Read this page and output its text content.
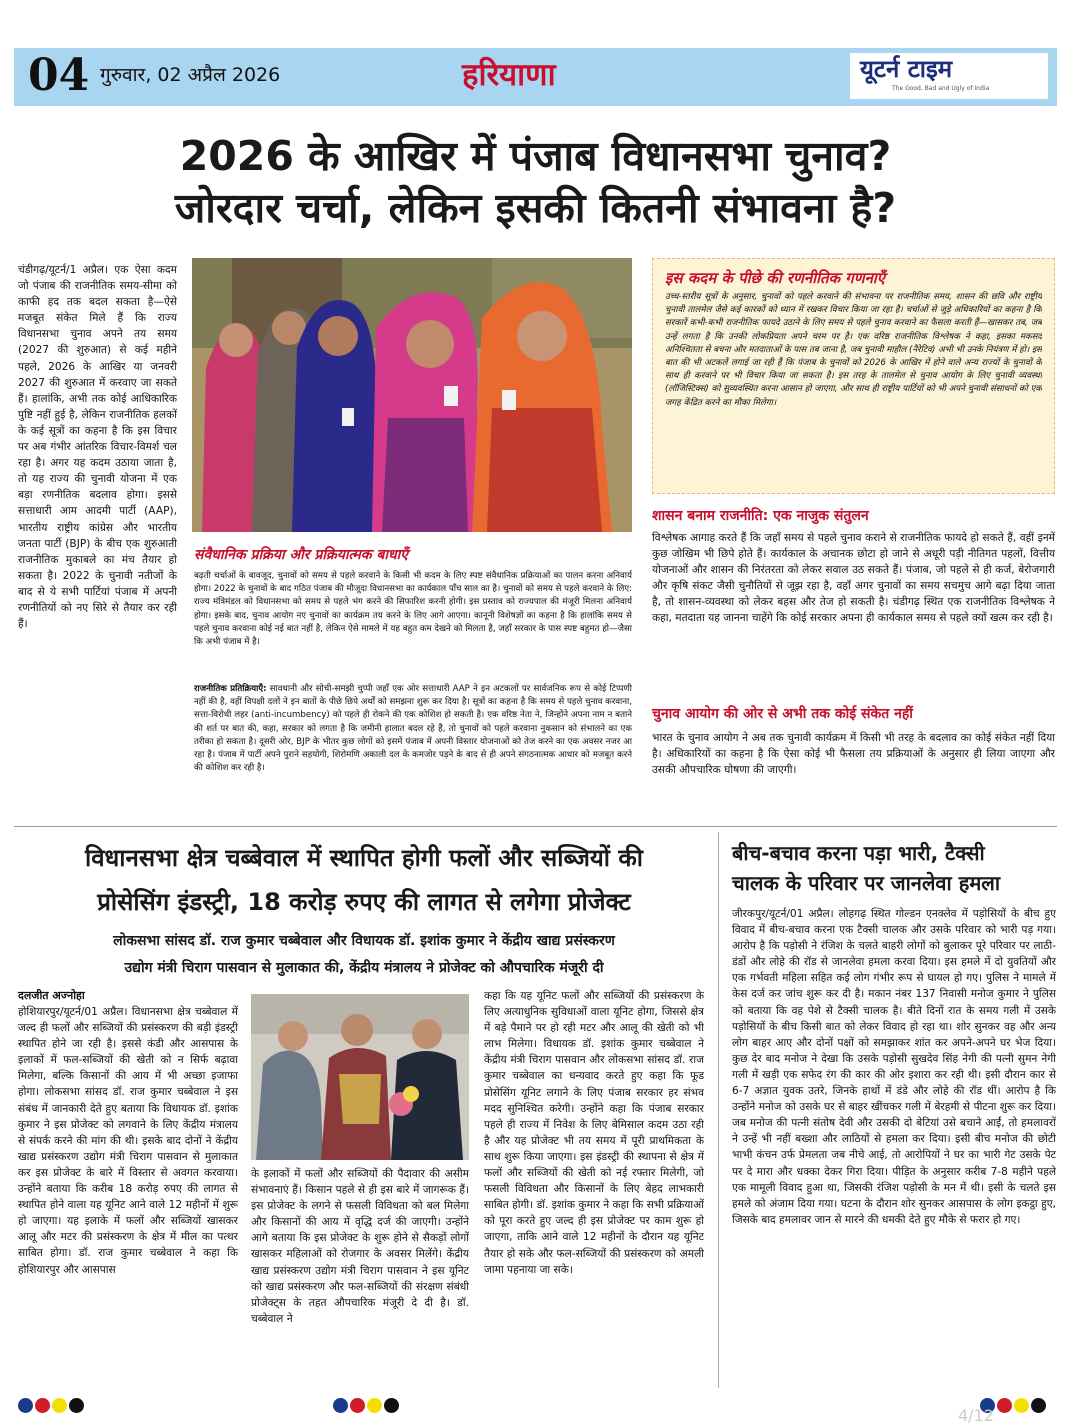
04 गुरुवार, 02 अप्रैल 2026	हरियाणा	यूटर्न टाइम
The Good, Bad and Ugly of India
2026 के आखिर में पंजाब विधानसभा चुनाव?
जोरदार चर्चा, लेकिन इसकी कितनी संभावना है?
चंडीगढ़/यूटर्न/1 अप्रैल। एक ऐसा कदम जो पंजाब की राजनीतिक समय-सीमा को काफी हद तक बदल सकता है—ऐसे मजबूत संकेत मिले हैं कि राज्य विधानसभा चुनाव अपने तय समय (2027 की शुरुआत) से कई महीने पहले, 2026 के आखिर या जनवरी 2027 की शुरुआत में करवाए जा सकते हैं। हालांकि, अभी तक कोई आधिकारिक पुष्टि नहीं हुई है, लेकिन राजनीतिक हलकों के कई सूत्रों का कहना है कि इस विचार पर अब गंभीर आंतरिक विचार-विमर्श चल रहा है। अगर यह कदम उठाया जाता है, तो यह राज्य की चुनावी योजना में एक बड़ा रणनीतिक बदलाव होगा। इससे सत्ताधारी आम आदमी पार्टी (AAP), भारतीय राष्ट्रीय कांग्रेस और भारतीय जनता पार्टी (BJP) के बीच एक शुरुआती राजनीतिक मुकाबले का मंच तैयार हो सकता है। 2022 के चुनावी नतीजों के बाद से ये सभी पार्टियां पंजाब में अपनी रणनीतियों को नए सिरे से तैयार कर रही हैं।
इस कदम के पीछे की रणनीतिक गणनाएँ
उच्च-स्तरीय सूत्रों के अनुसार, चुनावों को पहले करवाने की संभावना पर राजनीतिक समय, शासन की छवि और राष्ट्रीय चुनावी तालमेल जैसे कई कारकों को ध्यान में रखकर विचार किया जा रहा है। चर्चाओं से जुड़े अधिकारियों का कहना है कि सरकारें कभी-कभी राजनीतिक फायदे उठाने के लिए समय से पहले चुनाव करवाने का फैसला करती हैं—खासकर तब, जब उन्हें लगता है कि उनकी लोकप्रियता अपने चरम पर है। एक वरिष्ठ राजनीतिक विश्लेषक ने कहा, इसका मकसद अनिश्चितता से बचना और मतदाताओं के पास तब जाना है, जब चुनावी माहौल (नैरेटिव) अभी भी उनके नियंत्रण में हो। इस बात की भी अटकलें लगाई जा रही हैं कि पंजाब के चुनावों को 2026 के आखिर में होने वाले अन्य राज्यों के चुनावों के साथ ही करवाने पर भी विचार किया जा सकता है। इस तरह के तालमेल से चुनाव आयोग के लिए चुनावी व्यवस्था (लॉजिस्टिक्स) को सुव्यवस्थित करना आसान हो जाएगा, और साथ ही राष्ट्रीय पार्टियों को भी अपने चुनावी संसाधनों को एक जगह केंद्रित करने का मौका मिलेगा।
संवैधानिक प्रक्रिया और प्रक्रियात्मक बाधाएँ
बढ़ती चर्चाओं के बावजूद, चुनावों को समय से पहले करवाने के किसी भी कदम के लिए स्पष्ट संवैधानिक प्रक्रियाओं का पालन करना अनिवार्य होगा। 2022 के चुनावों के बाद गठित पंजाब की मौजूदा विधानसभा का कार्यकाल पाँच साल का है। चुनावों को समय से पहले करवाने के लिए: राज्य मंत्रिमंडल को विधानसभा को समय से पहले भंग करने की सिफारिश करनी होगी। इस प्रस्ताव को राज्यपाल की मंजूरी मिलना अनिवार्य होगा। इसके बाद, चुनाव आयोग नए चुनावों का कार्यक्रम तय करने के लिए आगे आएगा। कानूनी विशेषज्ञों का कहना है कि हालांकि समय से पहले चुनाव करवाना कोई नई बात नहीं है, लेकिन ऐसे मामले में यह बहुत कम देखने को मिलता है, जहाँ सरकार के पास स्पष्ट बहुमत हो—जैसा कि अभी पंजाब में है।
राजनीतिक प्रतिक्रियाएँ: सावधानी और सोची-समझी चुप्पी जहाँ एक ओर सत्ताधारी AAP ने इन अटकलों पर सार्वजनिक रूप से कोई टिप्पणी नहीं की है, वहीं विपक्षी दलों ने इन बातों के पीछे छिपे अर्थों को समझना शुरू कर दिया है। सूत्रों का कहना है कि समय से पहले चुनाव करवाना, सत्ता-विरोधी लहर (anti-incumbency) को पहले ही रोकने की एक कोशिश हो सकती है। एक वरिष्ठ नेता ने, जिन्होंने अपना नाम न बताने की शर्त पर बात की, कहा, सरकार को लगता है कि जमीनी हालात बदल रहे हैं, तो चुनावों को पहले करवाना नुकसान को संभालने का एक तरीका हो सकता है। दूसरी ओर, BJP के भीतर कुछ लोगों को इसमें पंजाब में अपनी विस्तार योजनाओं को तेज करने का एक अवसर नजर आ रहा है। पंजाब में पार्टी अपने पुराने सहयोगी, शिरोमणि अकाली दल के कमजोर पड़ने के बाद से ही अपने संगठनात्मक आधार को मजबूत करने की कोशिश कर रही है।
शासन बनाम राजनीति: एक नाजुक संतुलन
विश्लेषक आगाह करते हैं कि जहाँ समय से पहले चुनाव कराने से राजनीतिक फायदे हो सकते हैं, वहीं इनमें कुछ जोखिम भी छिपे होते हैं। कार्यकाल के अचानक छोटा हो जाने से अधूरी पड़ी नीतिगत पहलों, वित्तीय योजनाओं और शासन की निरंतरता को लेकर सवाल उठ सकते हैं। पंजाब, जो पहले से ही कर्ज, बेरोजगारी और कृषि संकट जैसी चुनौतियों से जूझ रहा है, वहाँ अगर चुनावों का समय सचमुच आगे बढ़ा दिया जाता है, तो शासन-व्यवस्था को लेकर बहस और तेज हो सकती है। चंडीगढ़ स्थित एक राजनीतिक विश्लेषक ने कहा, मतदाता यह जानना चाहेंगे कि कोई सरकार अपना ही कार्यकाल समय से पहले क्यों खत्म कर रही है।
चुनाव आयोग की ओर से अभी तक कोई संकेत नहीं
भारत के चुनाव आयोग ने अब तक चुनावी कार्यक्रम में किसी भी तरह के बदलाव का कोई संकेत नहीं दिया है। अधिकारियों का कहना है कि ऐसा कोई भी फैसला तय प्रक्रियाओं के अनुसार ही लिया जाएगा और उसकी औपचारिक घोषणा की जाएगी।
विधानसभा क्षेत्र चब्बेवाल में स्थापित होगी फलों और सब्जियों की
प्रोसेसिंग इंडस्ट्री, 18 करोड़ रुपए की लागत से लगेगा प्रोजेक्ट
लोकसभा सांसद डॉ. राज कुमार चब्बेवाल और विधायक डॉ. इशांक कुमार ने केंद्रीय खाद्य प्रसंस्करण
उद्योग मंत्री चिराग पासवान से मुलाकात की, केंद्रीय मंत्रालय ने प्रोजेक्ट को औपचारिक मंजूरी दी
दलजीत अज्नोहा
होशियारपुर/यूटर्न/01 अप्रैल। विधानसभा क्षेत्र चब्बेवाल में जल्द ही फलों और सब्जियों की प्रसंस्करण की बड़ी इंडस्ट्री स्थापित होने जा रही है। इससे कंडी और आसपास के इलाकों में फल-सब्जियों की खेती को न सिर्फ बढ़ावा मिलेगा, बल्कि किसानों की आय में भी अच्छा इजाफा होगा। लोकसभा सांसद डॉ. राज कुमार चब्बेवाल ने इस संबंध में जानकारी देते हुए बताया कि विधायक डॉ. इशांक कुमार ने इस प्रोजेक्ट को लगवाने के लिए केंद्रीय मंत्रालय से संपर्क करने की मांग की थी। इसके बाद दोनों ने केंद्रीय खाद्य प्रसंस्करण उद्योग मंत्री चिराग पासवान से मुलाकात कर इस प्रोजेक्ट के बारे में विस्तार से अवगत करवाया। उन्होंने बताया कि करीब 18 करोड़ रुपए की लागत से स्थापित होने वाला यह यूनिट आने वाले 12 महीनों में शुरू हो जाएगा। यह इलाके में फलों और सब्जियों खासकर आलू और मटर की प्रसंस्करण के क्षेत्र में मील का पत्थर साबित होगा। डॉ. राज कुमार चब्बेवाल ने कहा कि होशियारपुर और आसपास
के इलाकों में फलों और सब्जियों की पैदावार की असीम संभावनाएं हैं। किसान पहले से ही इस बारे में जागरूक हैं। इस प्रोजेक्ट के लगने से फसली विविधता को बल मिलेगा और किसानों की आय में वृद्धि दर्ज की जाएगी। उन्होंने आगे बताया कि इस प्रोजेक्ट के शुरू होने से सैकड़ों लोगों खासकर महिलाओं को रोजगार के अवसर मिलेंगे। केंद्रीय खाद्य प्रसंस्करण उद्योग मंत्री चिराग पासवान ने इस यूनिट को खाद्य प्रसंस्करण और फल-सब्जियों की संरक्षण संबंधी प्रोजेक्ट्स के तहत औपचारिक मंजूरी दे दी है। डॉ. चब्बेवाल ने
कहा कि यह यूनिट फलों और सब्जियों की प्रसंस्करण के लिए अत्याधुनिक सुविधाओं वाला यूनिट होगा, जिससे क्षेत्र में बड़े पैमाने पर हो रही मटर और आलू की खेती को भी लाभ मिलेगा। विधायक डॉ. इशांक कुमार चब्बेवाल ने केंद्रीय मंत्री चिराग पासवान और लोकसभा सांसद डॉ. राज कुमार चब्बेवाल का धन्यवाद करते हुए कहा कि फूड प्रोसेसिंग यूनिट लगाने के लिए पंजाब सरकार हर संभव मदद सुनिश्चित करेगी। उन्होंने कहा कि पंजाब सरकार पहले ही राज्य में निवेश के लिए बेमिसाल कदम उठा रही है और यह प्रोजेक्ट भी तय समय में पूरी प्राथमिकता के साथ शुरू किया जाएगा। इस इंडस्ट्री की स्थापना से क्षेत्र में फलों और सब्जियों की खेती को नई रफ्तार मिलेगी, जो फसली विविधता और किसानों के लिए बेहद लाभकारी साबित होगी। डॉ. इशांक कुमार ने कहा कि सभी प्रक्रियाओं को पूरा करते हुए जल्द ही इस प्रोजेक्ट पर काम शुरू हो जाएगा, ताकि आने वाले 12 महीनों के दौरान यह यूनिट तैयार हो सके और फल-सब्जियों की प्रसंस्करण को अमली जामा पहनाया जा सके।
बीच-बचाव करना पड़ा भारी, टैक्सी
चालक के परिवार पर जानलेवा हमला
जीरकपुर/यूटर्न/01 अप्रैल। लोहगढ़ स्थित गोल्डन एनक्लेव में पड़ोसियों के बीच हुए विवाद में बीच-बचाव करना एक टैक्सी चालक और उसके परिवार को भारी पड़ गया। आरोप है कि पड़ोसी ने रंजिश के चलते बाहरी लोगों को बुलाकर पूरे परिवार पर लाठी-डंडों और लोहे की रॉड से जानलेवा हमला करवा दिया। इस हमले में दो युवतियों और एक गर्भवती महिला सहित कई लोग गंभीर रूप से घायल हो गए। पुलिस ने मामले में केस दर्ज कर जांच शुरू कर दी है। मकान नंबर 137 निवासी मनोज कुमार ने पुलिस को बताया कि वह पेशे से टैक्सी चालक है। बीते दिनों रात के समय गली में उसके पड़ोसियों के बीच किसी बात को लेकर विवाद हो रहा था। शोर सुनकर वह और अन्य लोग बाहर आए और दोनों पक्षों को समझाकर शांत कर अपने-अपने घर भेज दिया। कुछ देर बाद मनोज ने देखा कि उसके पड़ोसी सुखदेव सिंह नेगी की पत्नी सुमन नेगी गली में खड़ी एक सफेद रंग की कार की ओर इशारा कर रही थी। इसी दौरान कार से 6-7 अज्ञात युवक उतरे, जिनके हाथों में डंडे और लोहे की रॉड थीं। आरोप है कि उन्होंने मनोज को उसके घर से बाहर खींचकर गली में बेरहमी से पीटना शुरू कर दिया। जब मनोज की पत्नी संतोष देवी और उसकी दो बेटियां उसे बचाने आईं, तो हमलावरों ने उन्हें भी नहीं बख्शा और लाठियों से हमला कर दिया। इसी बीच मनोज की छोटी भाभी कंचन उर्फ प्रेमलता जब नीचे आई, तो आरोपियों ने घर का भारी गेट उसके पेट पर दे मारा और धक्का देकर गिरा दिया। पीड़ित के अनुसार करीब 7-8 महीने पहले एक मामूली विवाद हुआ था, जिसकी रंजिश पड़ोसी के मन में थी। इसी के चलते इस हमले को अंजाम दिया गया। घटना के दौरान शोर सुनकर आसपास के लोग इकट्ठा हुए, जिसके बाद हमलावर जान से मारने की धमकी देते हुए मौके से फरार हो गए।
4/12
